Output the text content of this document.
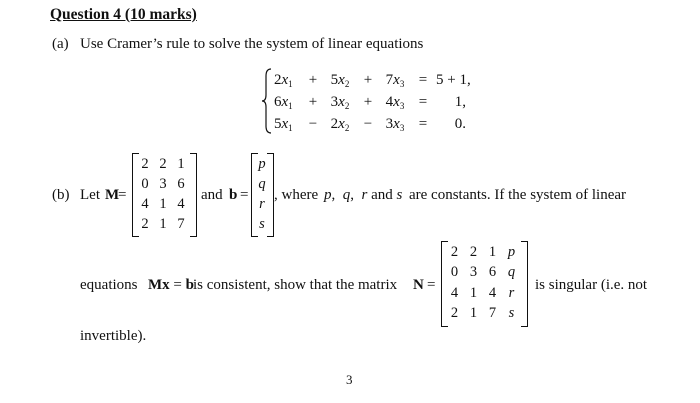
Question 4 (10 marks)
(a) Use Cramer’s rule to solve the system of linear equations
$2x_1$	+ $5x_2 + 7x_3 = 5 + 1$,
$6x_1$	+ $3x_2 + 4x_3$ =	1,
$5x_1$	− $2x_2 - 3x_3$ =	0.
(b) Let M
=
2 2 1
0 3 6
4 1 4
2 1 7
and b =
p
q
r
s
, where p,  q,  r and s are constants. If the system of linear
equations Mx = b is consistent, show that the matrix N =
2 2 1 p
0 3 6 q
4 1 4 r
2 1 7 s
is singular (i.e. not
invertible).
3
